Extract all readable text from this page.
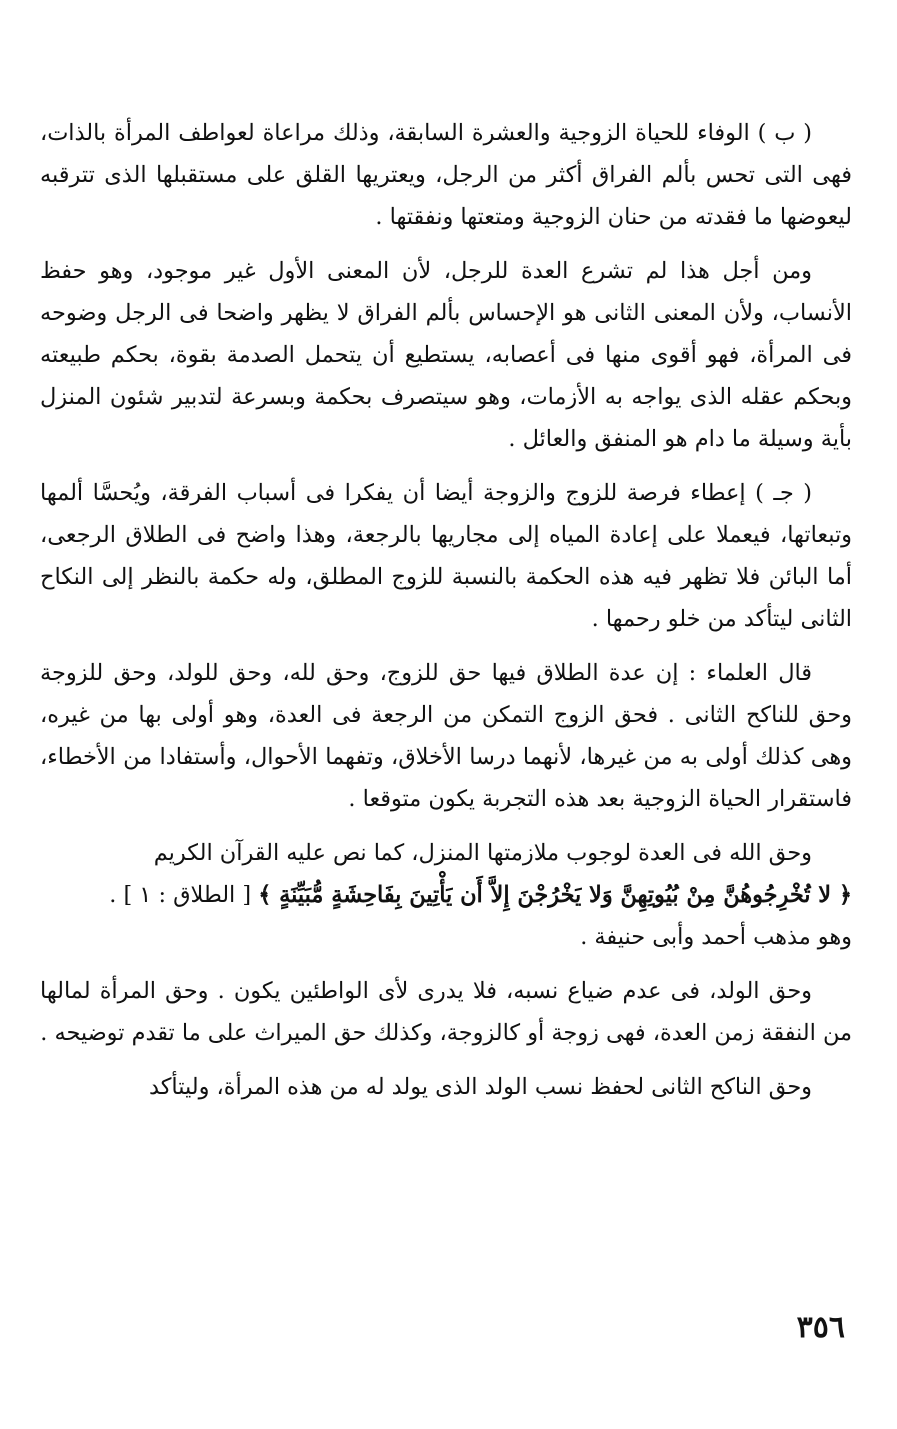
( ب ) الوفاء للحياة الزوجية والعشرة السابقة، وذلك مراعاة لعواطف المرأة بالذات، فهى التى تحس بألم الفراق أكثر من الرجل، ويعتريها القلق على مستقبلها الذى تترقبه ليعوضها ما فقدته من حنان الزوجية ومتعتها ونفقتها .

ومن أجل هذا لم تشرع العدة للرجل، لأن المعنى الأول غير موجود، وهو حفظ الأنساب، ولأن المعنى الثانى هو الإحساس بألم الفراق لا يظهر واضحا فى الرجل وضوحه فى المرأة، فهو أقوى منها فى أعصابه، يستطيع أن يتحمل الصدمة بقوة، بحكم طبيعته وبحكم عقله الذى يواجه به الأزمات، وهو سيتصرف بحكمة وبسرعة لتدبير شئون المنزل بأية وسيلة ما دام هو المنفق والعائل .

( جـ ) إعطاء فرصة للزوج والزوجة أيضا أن يفكرا فى أسباب الفرقة، ويُحسَّا ألمها وتبعاتها، فيعملا على إعادة المياه إلى مجاريها بالرجعة، وهذا واضح فى الطلاق الرجعى، أما البائن فلا تظهر فيه هذه الحكمة بالنسبة للزوج المطلق، وله حكمة بالنظر إلى النكاح الثانى ليتأكد من خلو رحمها .

قال العلماء : إن عدة الطلاق فيها حق للزوج، وحق لله، وحق للولد، وحق للزوجة وحق للناكح الثانى . فحق الزوج التمكن من الرجعة فى العدة، وهو أولى بها من غيره، وهى كذلك أولى به من غيرها، لأنهما درسا الأخلاق، وتفهما الأحوال، وأستفادا من الأخطاء، فاستقرار الحياة الزوجية بعد هذه التجربة يكون متوقعا .

وحق الله فى العدة لوجوب ملازمتها المنزل، كما نص عليه القرآن الكريم

﴿ لا تُخْرِجُوهُنَّ مِنْ بُيُوتِهِنَّ وَلا يَخْرُجْنَ إِلاَّ أَن يَأْتِينَ بِفَاحِشَةٍ مُّبَيِّنَةٍ ﴾ [ الطلاق : ١ ] .

وهو مذهب أحمد وأبى حنيفة .

وحق الولد، فى عدم ضياع نسبه، فلا يدرى لأى الواطئين يكون . وحق المرأة لمالها من النفقة زمن العدة، فهى زوجة أو كالزوجة، وكذلك حق الميراث على ما تقدم توضيحه .

وحق الناكح الثانى لحفظ نسب الولد الذى يولد له من هذه المرأة، وليتأكد

٣٥٦
